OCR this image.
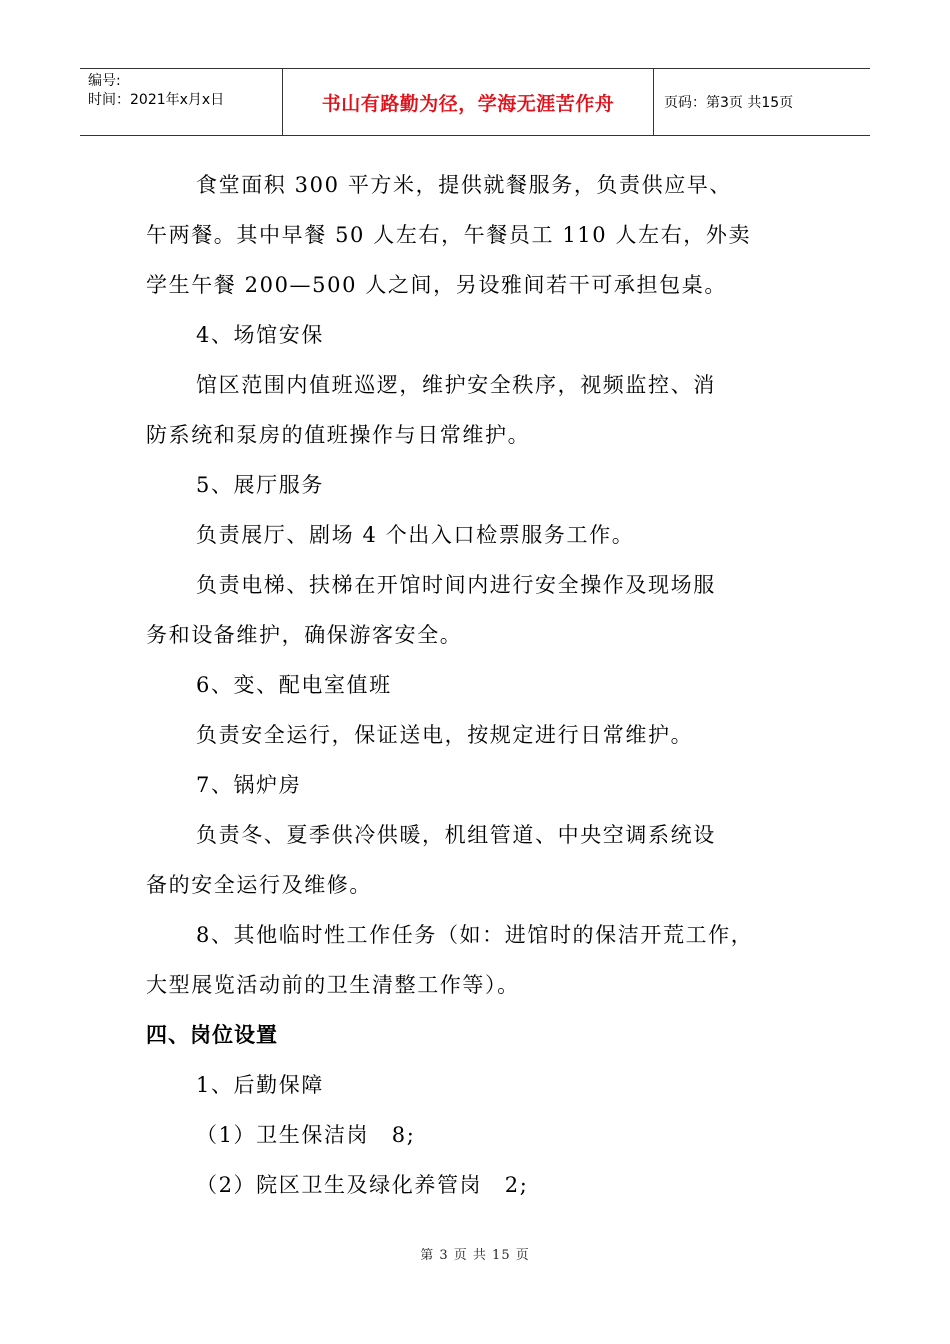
编号:
时间：2021年x月x日	书山有路勤为径，学海无涯苦作舟	页码：第3页 共15页
食堂面积 300 平方米，提供就餐服务，负责供应早、
午两餐。其中早餐 50 人左右，午餐员工 110 人左右，外卖
学生午餐 200—500 人之间，另设雅间若干可承担包桌。
4、场馆安保
馆区范围内值班巡逻，维护安全秩序，视频监控、消
防系统和泵房的值班操作与日常维护。
5、展厅服务
负责展厅、剧场 4 个出入口检票服务工作。
负责电梯、扶梯在开馆时间内进行安全操作及现场服
务和设备维护，确保游客安全。
6、变、配电室值班
负责安全运行，保证送电，按规定进行日常维护。
7、锅炉房
负责冬、夏季供冷供暖，机组管道、中央空调系统设
备的安全运行及维修。
8、其他临时性工作任务（如：进馆时的保洁开荒工作，
大型展览活动前的卫生清整工作等）。
四、岗位设置
1、后勤保障
（1）卫生保洁岗　8;
（2）院区卫生及绿化养管岗　2;
第 3 页 共 15 页
